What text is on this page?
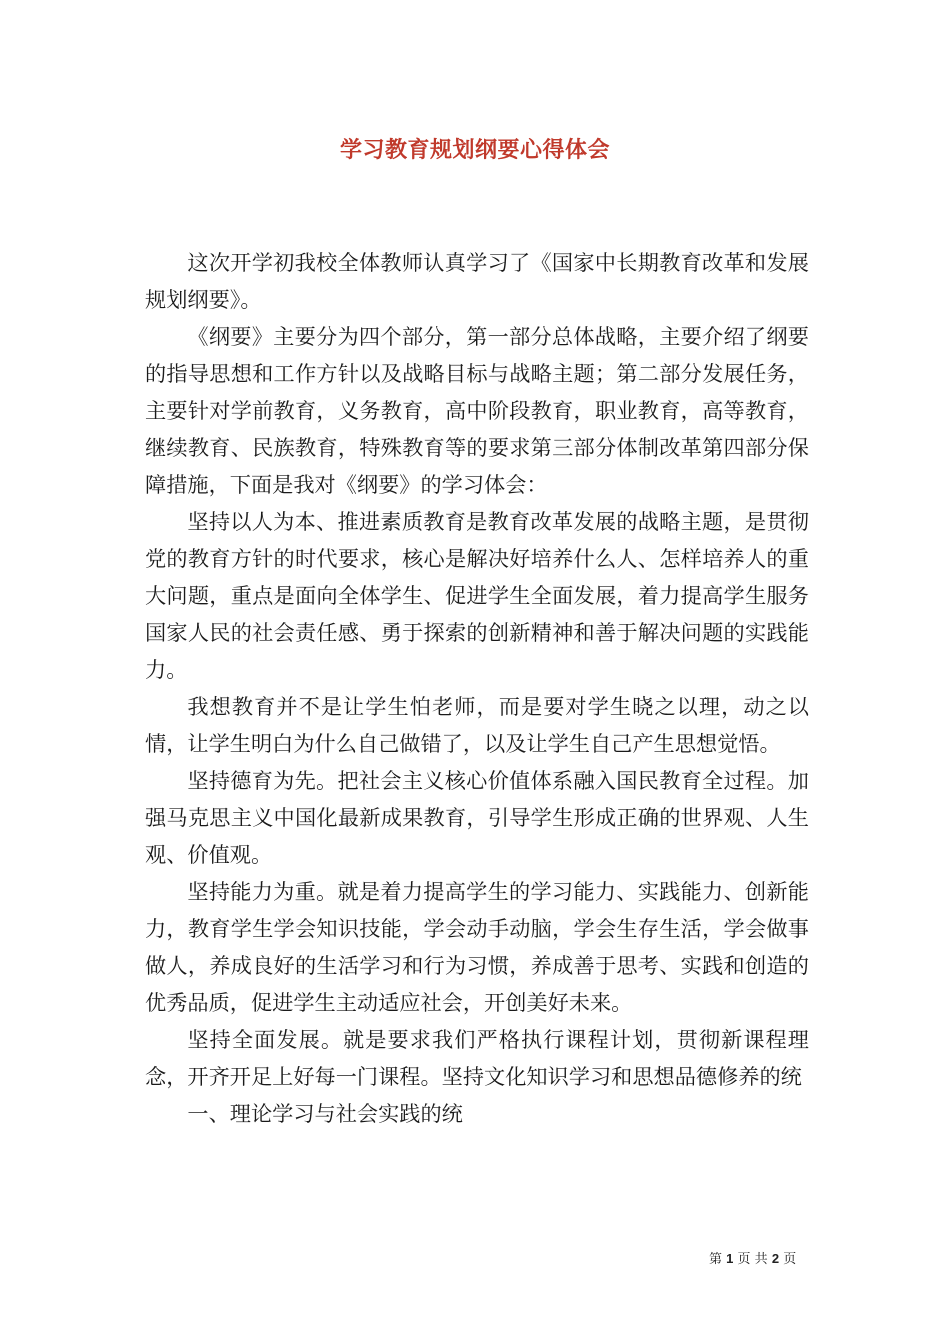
学习教育规划纲要心得体会

这次开学初我校全体教师认真学习了《国家中长期教育改革和发展规划纲要》。

《纲要》主要分为四个部分，第一部分总体战略，主要介绍了纲要的指导思想和工作方针以及战略目标与战略主题；第二部分发展任务，主要针对学前教育，义务教育，高中阶段教育，职业教育，高等教育，继续教育、民族教育，特殊教育等的要求第三部分体制改革第四部分保障措施，下面是我对《纲要》的学习体会：

坚持以人为本、推进素质教育是教育改革发展的战略主题，是贯彻党的教育方针的时代要求，核心是解决好培养什么人、怎样培养人的重大问题，重点是面向全体学生、促进学生全面发展，着力提高学生服务国家人民的社会责任感、勇于探索的创新精神和善于解决问题的实践能力。

我想教育并不是让学生怕老师，而是要对学生晓之以理，动之以情，让学生明白为什么自己做错了，以及让学生自己产生思想觉悟。

坚持德育为先。把社会主义核心价值体系融入国民教育全过程。加强马克思主义中国化最新成果教育，引导学生形成正确的世界观、人生观、价值观。

坚持能力为重。就是着力提高学生的学习能力、实践能力、创新能力，教育学生学会知识技能，学会动手动脑，学会生存生活，学会做事做人，养成良好的生活学习和行为习惯，养成善于思考、实践和创造的优秀品质，促进学生主动适应社会，开创美好未来。

坚持全面发展。就是要求我们严格执行课程计划，贯彻新课程理念，开齐开足上好每一门课程。坚持文化知识学习和思想品德修养的统

一、理论学习与社会实践的统

第 1 页 共 2 页
